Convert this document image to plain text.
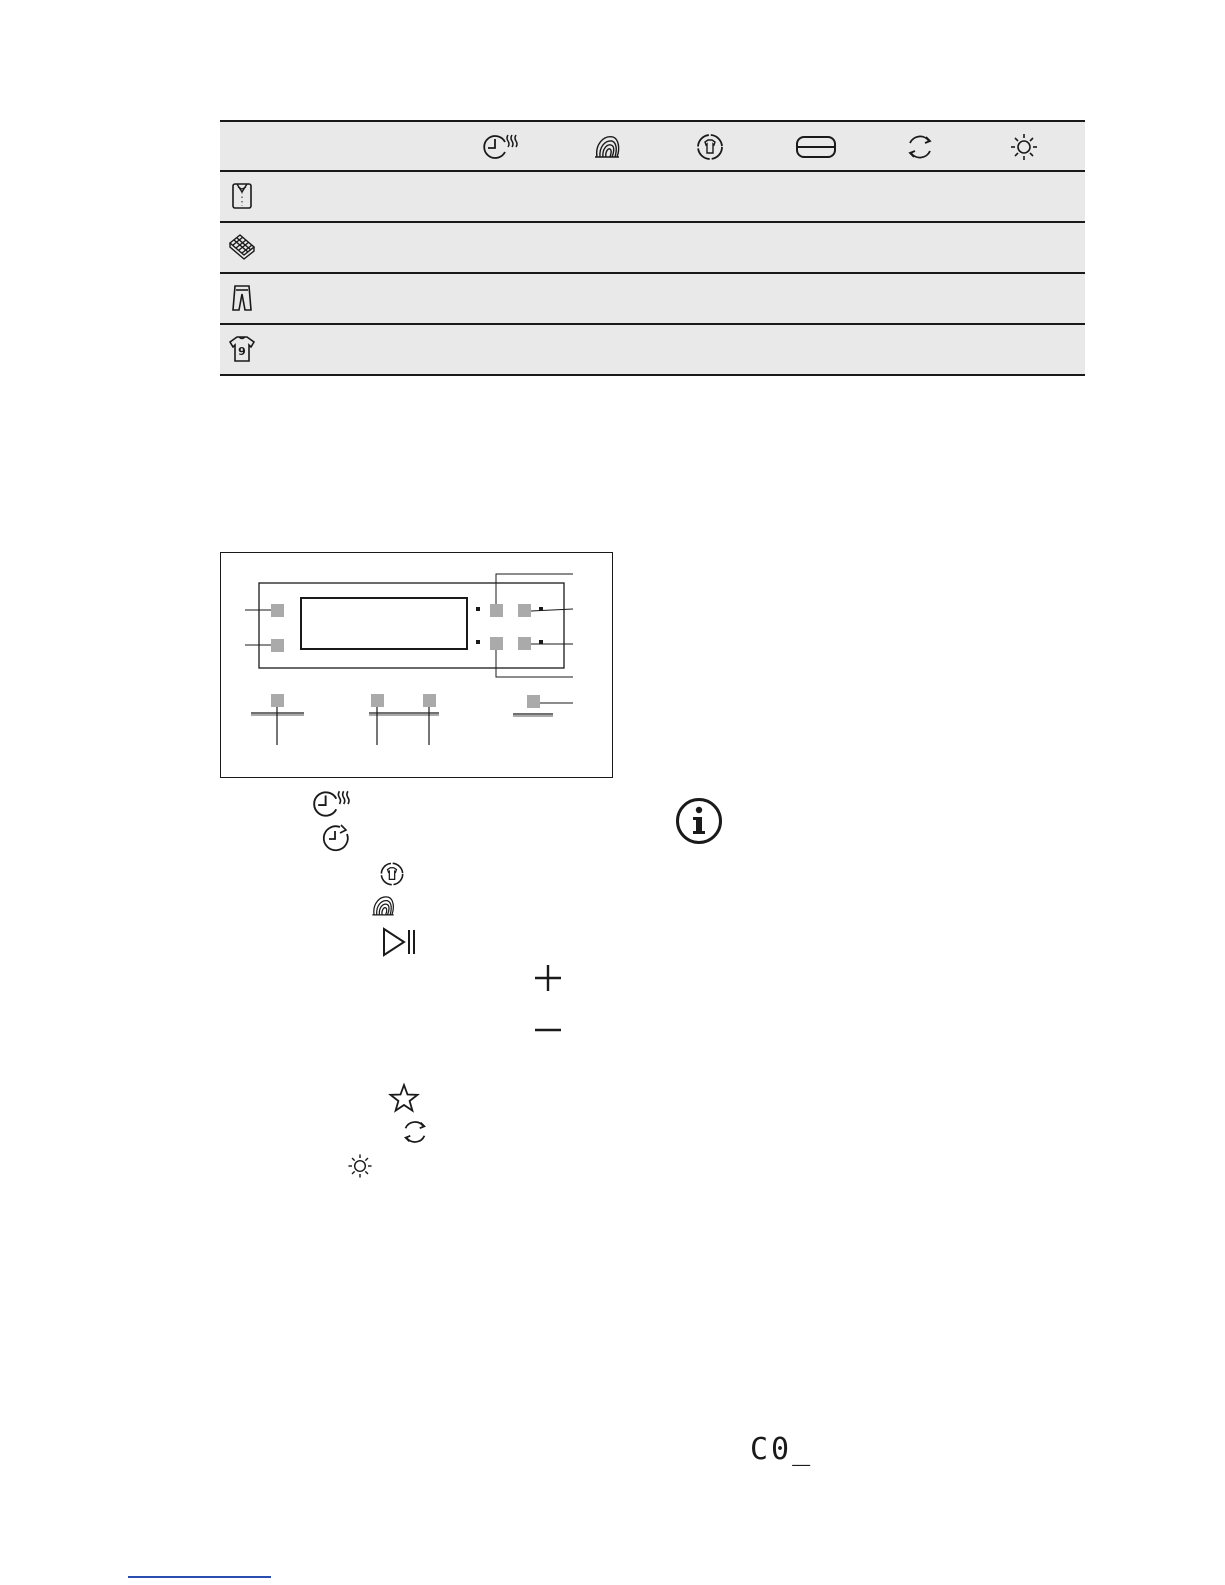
9
C0_
